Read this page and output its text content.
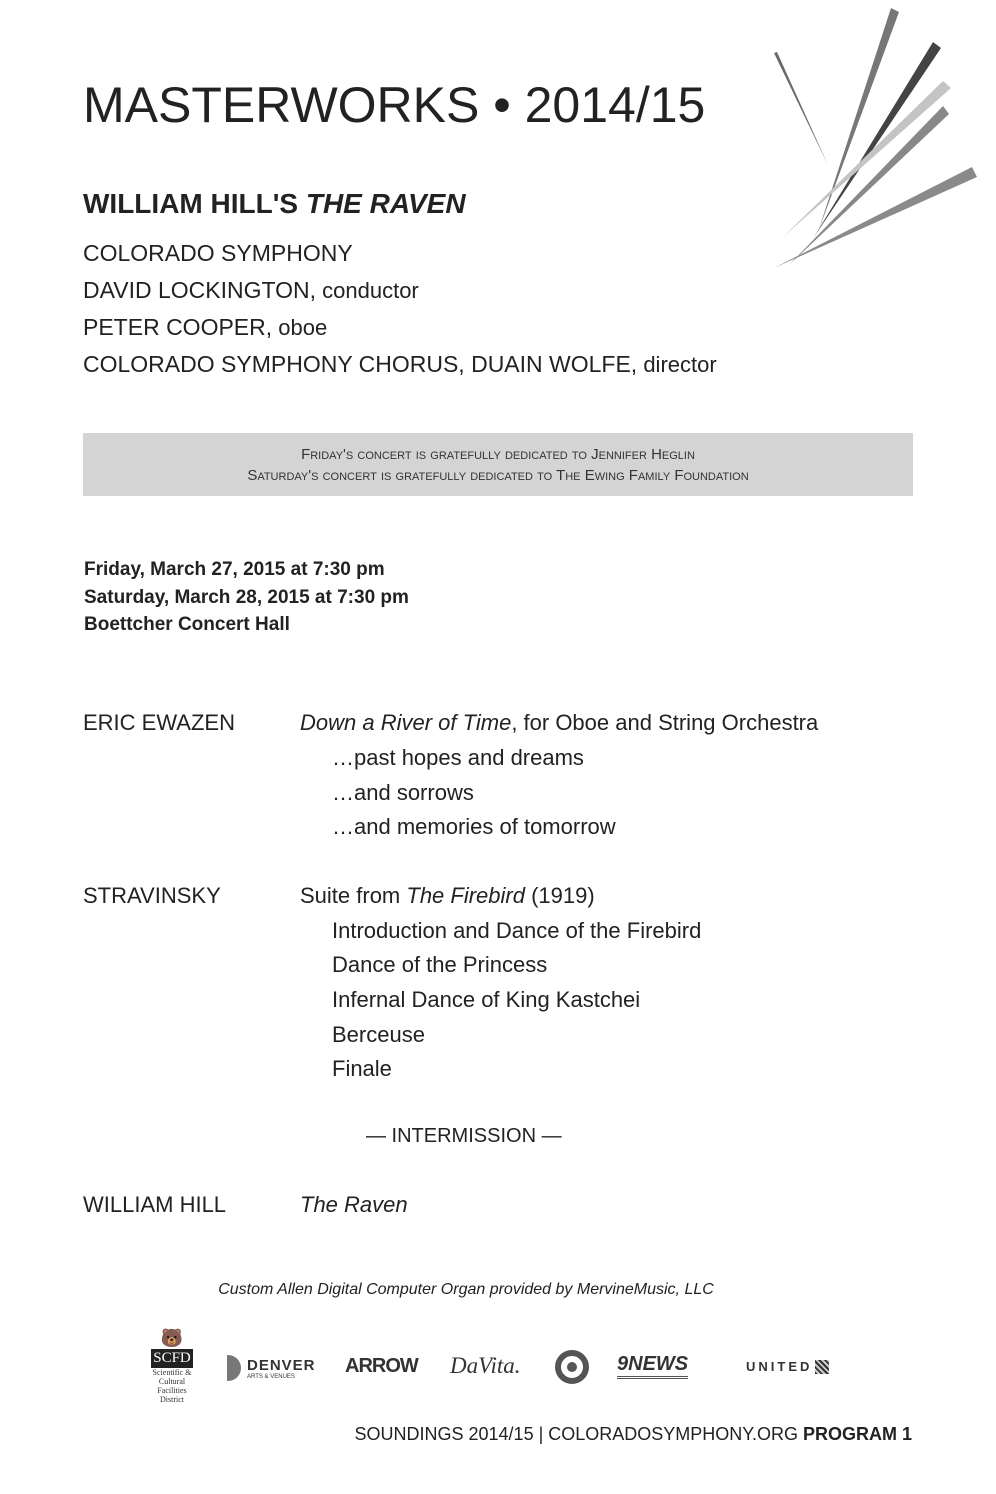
MASTERWORKS • 2014/15
WILLIAM HILL'S THE RAVEN
COLORADO SYMPHONY
DAVID LOCKINGTON, conductor
PETER COOPER, oboe
COLORADO SYMPHONY CHORUS, DUAIN WOLFE, director
Friday's concert is gratefully dedicated to Jennifer Heglin
Saturday's concert is gratefully dedicated to The Ewing Family Foundation
Friday, March 27, 2015 at 7:30 pm
Saturday, March 28, 2015 at 7:30 pm
Boettcher Concert Hall
ERIC EWAZEN	Down a River of Time, for Oboe and String Orchestra
…past hopes and dreams
…and sorrows
…and memories of tomorrow
STRAVINSKY	Suite from The Firebird (1919)
Introduction and Dance of the Firebird
Dance of the Princess
Infernal Dance of King Kastchei
Berceuse
Finale
— INTERMISSION —
WILLIAM HILL	The Raven
Custom Allen Digital Computer Organ provided by MervineMusic, LLC
🐻
SCFD
Scientific & Cultural Facilities District
DENVER
ARTS & VENUES	ARROW DaVita.	9NEWS	UNITED
SOUNDINGS 2014/15 | COLORADOSYMPHONY.ORG PROGRAM 1
